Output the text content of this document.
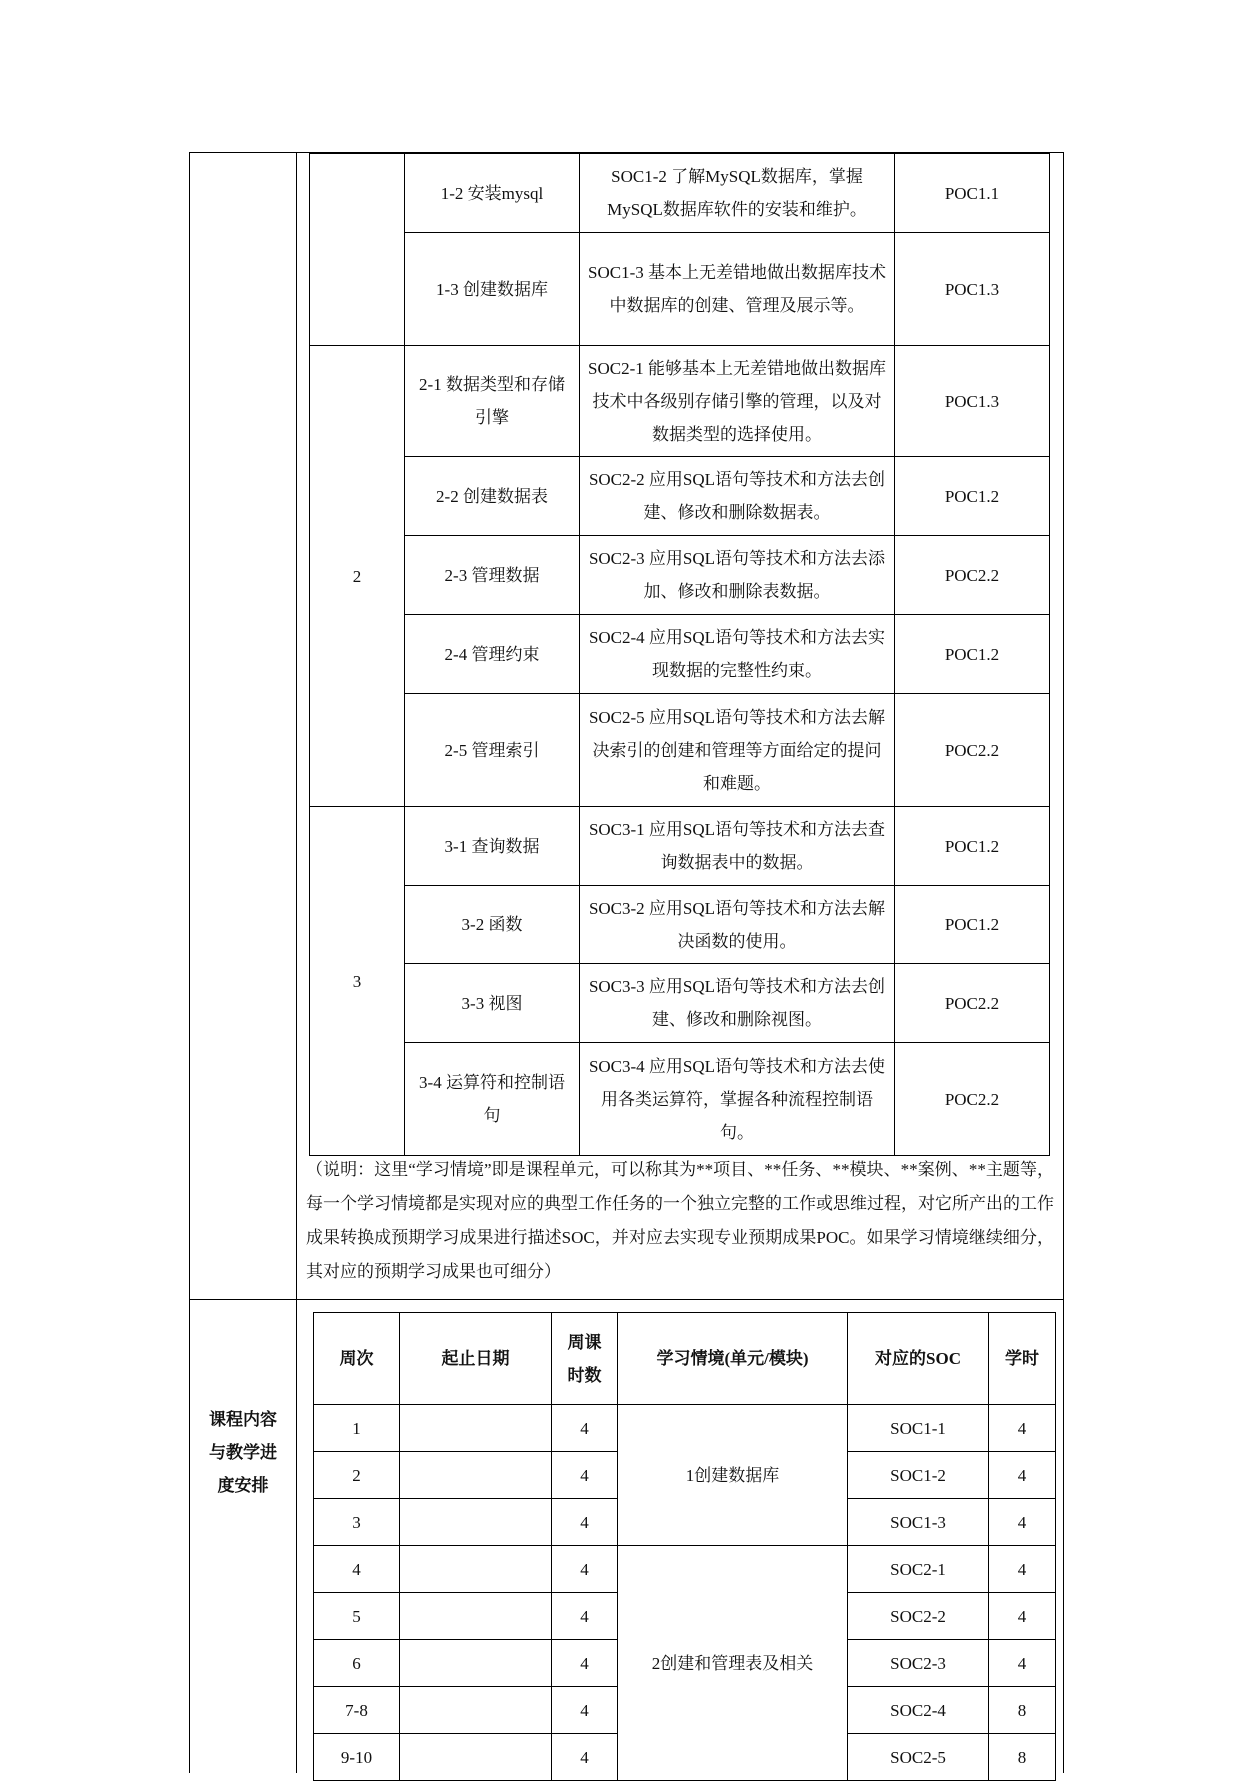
	1-2 安装mysql	SOC1-2 了解MySQL数据库，掌握MySQL数据库软件的安装和维护。	POC1.1
	1-3 创建数据库	SOC1-3 基本上无差错地做出数据库技术中数据库的创建、管理及展示等。	POC1.3
2	2-1 数据类型和存储引擎	SOC2-1 能够基本上无差错地做出数据库技术中各级别存储引擎的管理，以及对数据类型的选择使用。	POC1.3
	2-2 创建数据表	SOC2-2 应用SQL语句等技术和方法去创建、修改和删除数据表。	POC1.2
	2-3 管理数据	SOC2-3 应用SQL语句等技术和方法去添加、修改和删除表数据。	POC2.2
	2-4 管理约束	SOC2-4 应用SQL语句等技术和方法去实现数据的完整性约束。	POC1.2
	2-5 管理索引	SOC2-5 应用SQL语句等技术和方法去解决索引的创建和管理等方面给定的提问和难题。	POC2.2
3	3-1 查询数据	SOC3-1 应用SQL语句等技术和方法去查询数据表中的数据。	POC1.2
	3-2 函数	SOC3-2 应用SQL语句等技术和方法去解决函数的使用。	POC1.2
	3-3 视图	SOC3-3 应用SQL语句等技术和方法去创建、修改和删除视图。	POC2.2
	3-4 运算符和控制语句	SOC3-4 应用SQL语句等技术和方法去使用各类运算符，掌握各种流程控制语句。	POC2.2
（说明：这里“学习情境”即是课程单元，可以称其为**项目、**任务、**模块、**案例、**主题等，每一个学习情境都是实现对应的典型工作任务的一个独立完整的工作或思维过程，对它所产出的工作成果转换成预期学习成果进行描述SOC，并对应去实现专业预期成果POC。如果学习情境继续细分，其对应的预期学习成果也可细分）
课程内容与教学进度安排
周次	起止日期	周课时数	学习情境(单元/模块)	对应的SOC	学时
1		4	1创建数据库	SOC1-1	4
2		4		SOC1-2	4
3		4		SOC1-3	4
4		4	2创建和管理表及相关	SOC2-1	4
5		4		SOC2-2	4
6		4		SOC2-3	4
7-8		4		SOC2-4	8
9-10		4		SOC2-5	8
